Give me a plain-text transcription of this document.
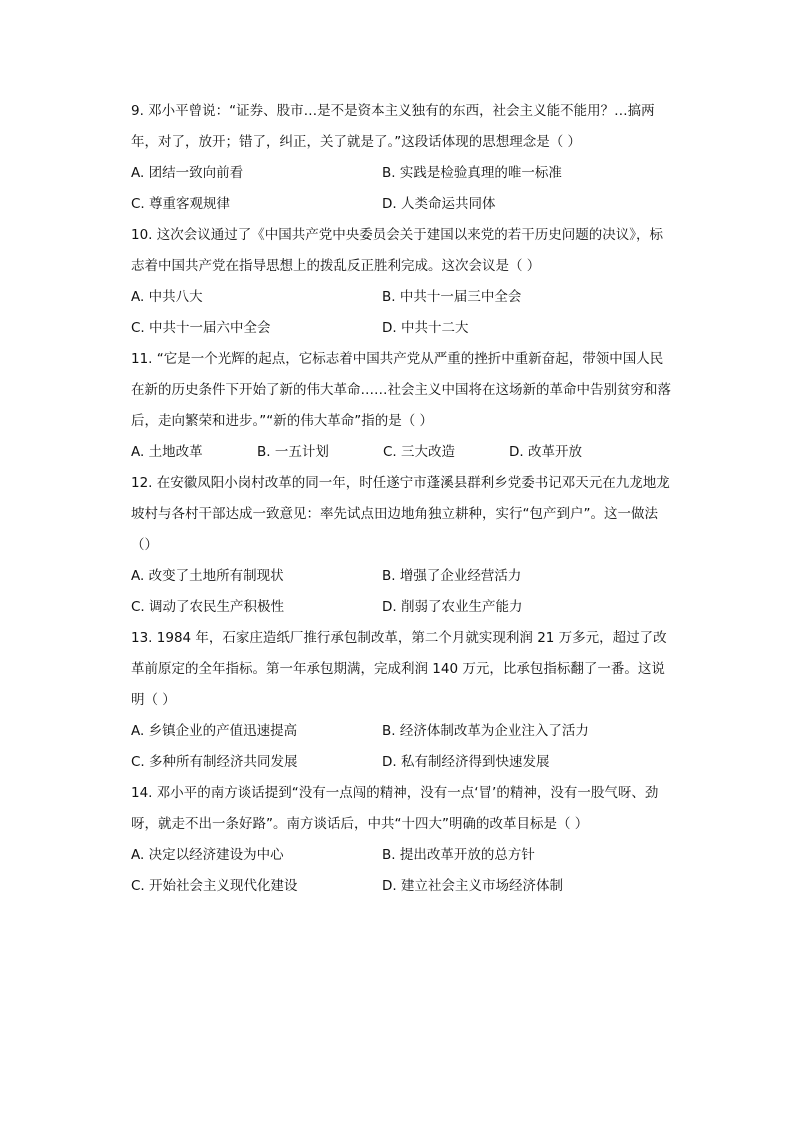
9. 邓小平曾说：“证券、股市…是不是资本主义独有的东西，社会主义能不能用？…搞两年，对了，放开；错了，纠正，关了就是了。”这段话体现的思想理念是（ ）

A. 团结一致向前看	B. 实践是检验真理的唯一标准
C. 尊重客观规律	D. 人类命运共同体

10. 这次会议通过了《中国共产党中央委员会关于建国以来党的若干历史问题的决议》，标志着中国共产党在指导思想上的拨乱反正胜利完成。这次会议是（ ）

A. 中共八大	B. 中共十一届三中全会
C. 中共十一届六中全会	D. 中共十二大

11. “它是一个光辉的起点，它标志着中国共产党从严重的挫折中重新奋起，带领中国人民在新的历史条件下开始了新的伟大革命……社会主义中国将在这场新的革命中告别贫穷和落后，走向繁荣和进步。”“新的伟大革命”指的是（ ）

A. 土地改革	B. 一五计划	C. 三大改造	D. 改革开放

12. 在安徽凤阳小岗村改革的同一年，时任遂宁市蓬溪县群利乡党委书记邓天元在九龙地龙坡村与各村干部达成一致意见：率先试点田边地角独立耕种，实行“包产到户”。这一做法（）

A. 改变了土地所有制现状	B. 增强了企业经营活力
C. 调动了农民生产积极性	D. 削弱了农业生产能力

13. 1984 年，石家庄造纸厂推行承包制改革，第二个月就实现利润 21 万多元，超过了改革前原定的全年指标。第一年承包期满，完成利润 140 万元，比承包指标翻了一番。这说明（ ）

A. 乡镇企业的产值迅速提高	B. 经济体制改革为企业注入了活力
C. 多种所有制经济共同发展	D. 私有制经济得到快速发展

14. 邓小平的南方谈话提到“没有一点闯的精神，没有一点‘冒’的精神，没有一股气呀、劲呀，就走不出一条好路”。南方谈话后，中共“十四大”明确的改革目标是（ ）

A. 决定以经济建设为中心	B. 提出改革开放的总方针
C. 开始社会主义现代化建设	D. 建立社会主义市场经济体制
